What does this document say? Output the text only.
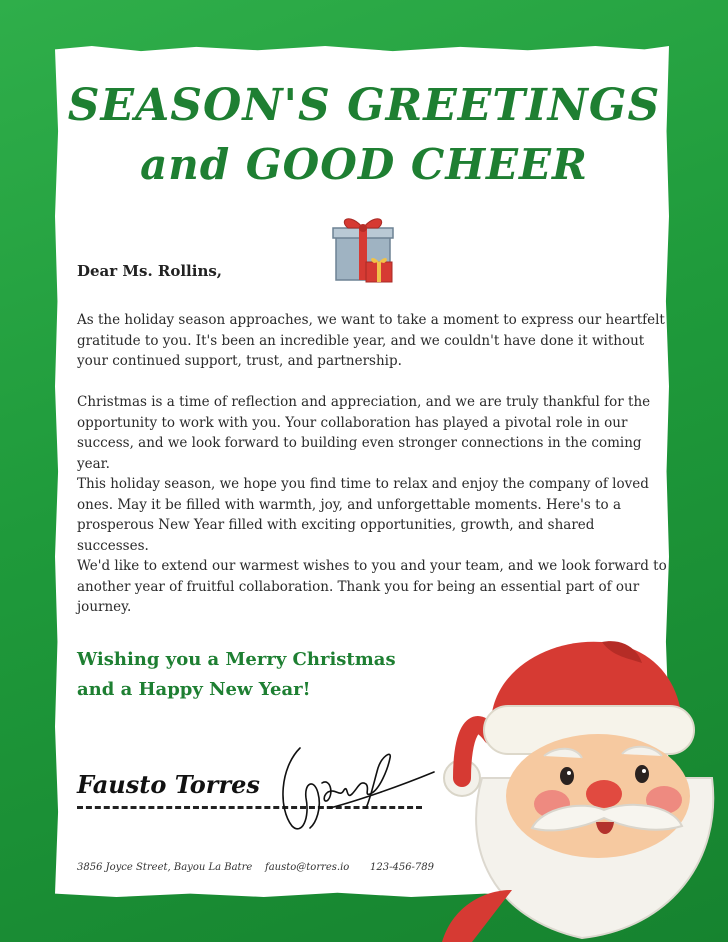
SEASON'S GREETINGS
and GOOD CHEER

Dear Ms. Rollins,

As the holiday season approaches, we want to take a moment to express our heartfelt gratitude to you. It's been an incredible year, and we couldn't have done it without your continued support, trust, and partnership.

Christmas is a time of reflection and appreciation, and we are truly thankful for the opportunity to work with you. Your collaboration has played a pivotal role in our success, and we look forward to building even stronger connections in the coming year.

This holiday season, we hope you find time to relax and enjoy the company of loved ones. May it be filled with warmth, joy, and unforgettable moments. Here's to a prosperous New Year filled with exciting opportunities, growth, and shared successes.

We'd like to extend our warmest wishes to you and your team, and we look forward to another year of fruitful collaboration. Thank you for being an essential part of our journey.

Wishing you a Merry Christmas
and a Happy New Year!

Fausto Torres

3856 Joyce Street, Bayou La Batre fausto@torres.io 123-456-789
